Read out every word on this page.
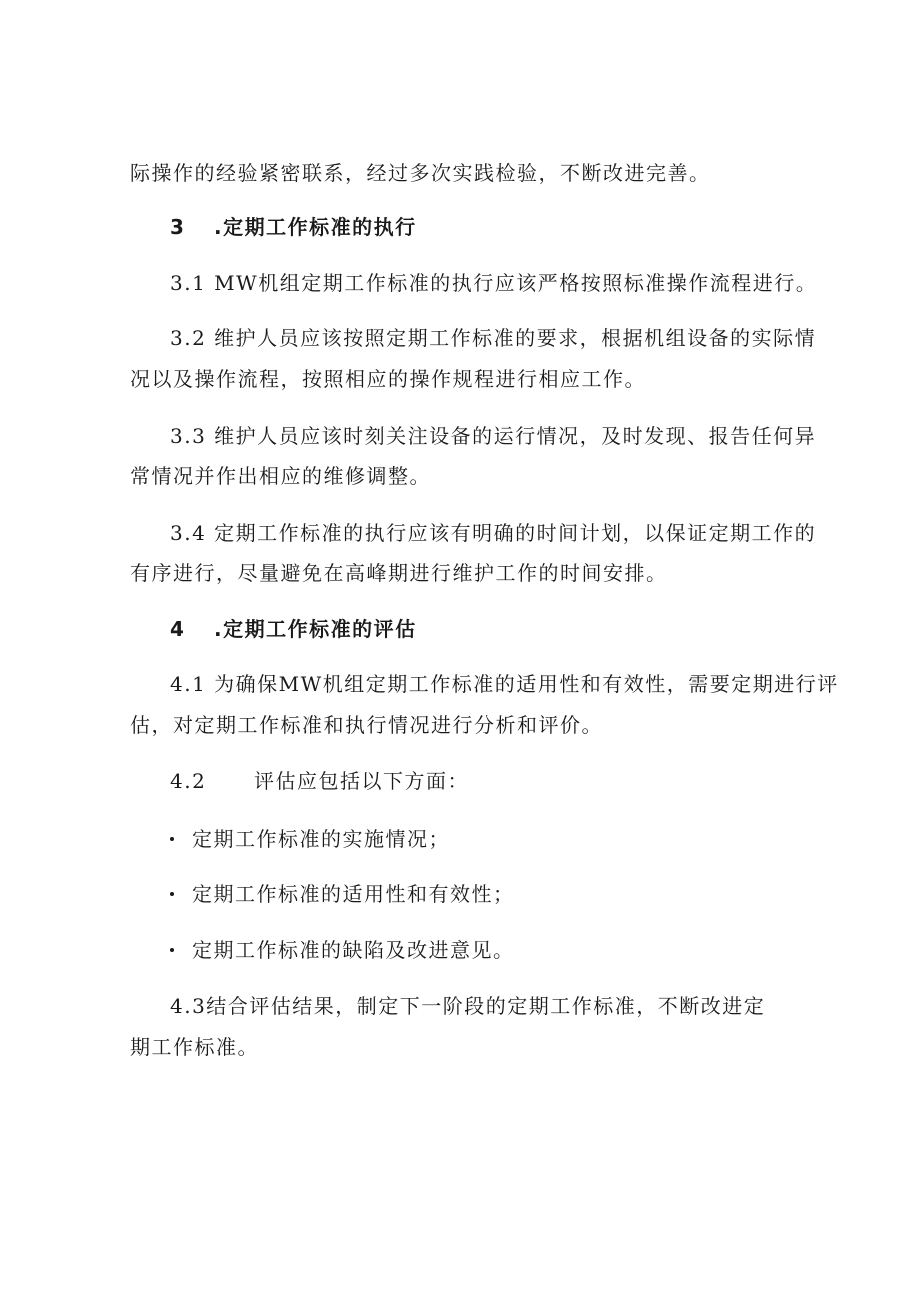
际操作的经验紧密联系，经过多次实践检验，不断改进完善。
3 .定期工作标准的执行
3.1 MW机组定期工作标准的执行应该严格按照标准操作流程进行。
3.2 维护人员应该按照定期工作标准的要求，根据机组设备的实际情
况以及操作流程，按照相应的操作规程进行相应工作。
3.3 维护人员应该时刻关注设备的运行情况，及时发现、报告任何异
常情况并作出相应的维修调整。
3.4 定期工作标准的执行应该有明确的时间计划，以保证定期工作的
有序进行，尽量避免在高峰期进行维护工作的时间安排。
4 .定期工作标准的评估
4.1 为确保MW机组定期工作标准的适用性和有效性，需要定期进行评
估，对定期工作标准和执行情况进行分析和评价。
4.2 评估应包括以下方面：
定期工作标准的实施情况；
定期工作标准的适用性和有效性；
定期工作标准的缺陷及改进意见。
4.3结合评估结果，制定下一阶段的定期工作标准，不断改进定
期工作标准。
